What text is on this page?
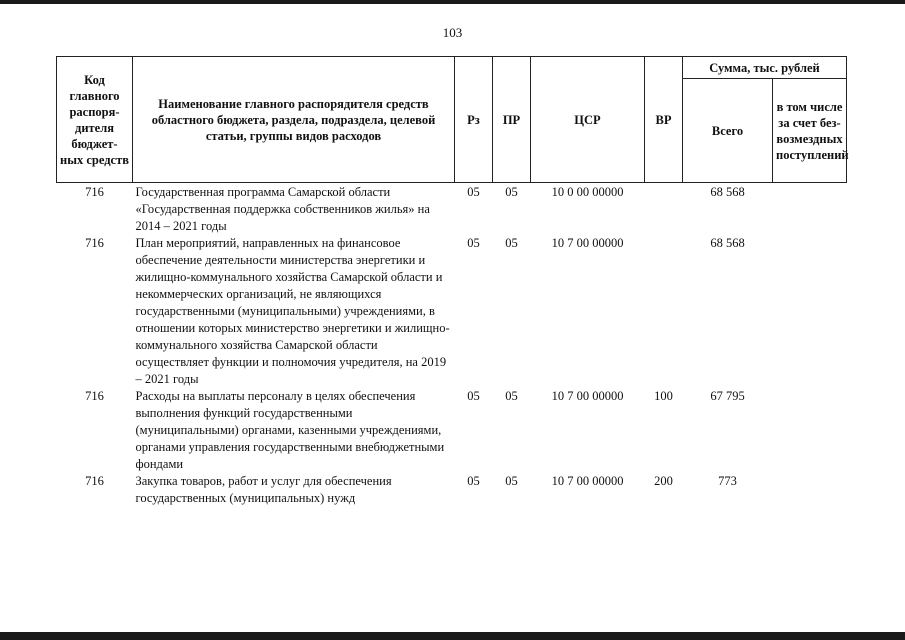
103
Код главного распоря-дителя бюджет-ных средств	Наименование главного распорядителя средств областного бюджета, раздела, подраздела, целевой статьи, группы видов расходов	Рз	ПР	ЦСР	ВР	Сумма, тыс. рублей	
						Всего	в том числе за счет без-возмездных поступлений
716	Государственная программа Самарской области «Государственная поддержка собственников жилья» на 2014 – 2021 годы	05	05	10 0 00 00000		68 568	
716	План мероприятий, направленных на финансовое обеспечение деятельности министерства энергетики и жилищно-коммунального хозяйства Самарской области и некоммерческих организаций, не являющихся государственными (муниципальными) учреждениями, в отношении которых министерство энергетики и жилищно-коммунального хозяйства Самарской области осуществляет функции и полномочия учредителя, на 2019 – 2021 годы	05	05	10 7 00 00000		68 568	
716	Расходы на выплаты персоналу в целях обеспечения выполнения функций государственными (муниципальными) органами, казенными учреждениями, органами управления государственными внебюджетными фондами	05	05	10 7 00 00000	100	67 795	
716	Закупка товаров, работ и услуг для обеспечения государственных (муниципальных) нужд	05	05	10 7 00 00000	200	773	
